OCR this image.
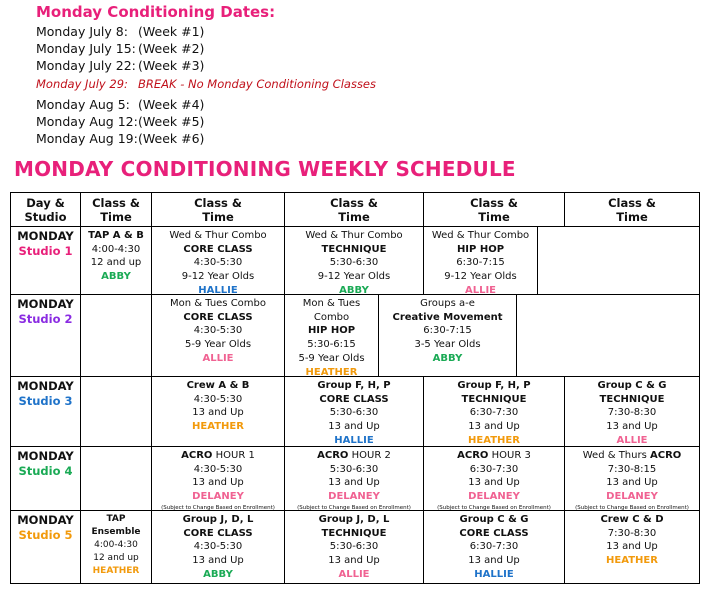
Monday Conditioning Dates:
Monday July 8: (Week #1)
Monday July 15: (Week #2)
Monday July 22: (Week #3)
Monday July 29: BREAK - No Monday Conditioning Classes
Monday Aug 5: (Week #4)
Monday Aug 12:(Week #5)
Monday Aug 19:(Week #6)
MONDAY CONDITIONING WEEKLY SCHEDULE
Day &
Studio
Class &
Time
Class &
Time
Class &
Time
Class &
Time
Class &
Time
MONDAY
Studio 1
TAP A & B
4:00-4:30
12 and up
ABBY
Wed & Thur Combo
CORE CLASS
4:30-5:30
9-12 Year Olds
HALLIE
Wed & Thur Combo
TECHNIQUE
5:30-6:30
9-12 Year Olds
ABBY
Wed & Thur Combo
HIP HOP
6:30-7:15
9-12 Year Olds
ALLIE
MONDAY
Studio 2
Mon & Tues Combo
CORE CLASS
4:30-5:30
5-9 Year Olds
ALLIE
Mon & Tues
Combo
HIP HOP
5:30-6:15
5-9 Year Olds
HEATHER
Groups a-e
Creative Movement
6:30-7:15
3-5 Year Olds
ABBY
MONDAY
Studio 3
Crew A & B
4:30-5:30
13 and Up
HEATHER
Group F, H, P
CORE CLASS
5:30-6:30
13 and Up
HALLIE
Group F, H, P
TECHNIQUE
6:30-7:30
13 and Up
HEATHER
Group C & G
TECHNIQUE
7:30-8:30
13 and Up
ALLIE
MONDAY
Studio 4
ACRO HOUR 1
4:30-5:30
13 and Up
DELANEY
(Subject to Change Based on Enrollment)
ACRO HOUR 2
5:30-6:30
13 and Up
DELANEY
(Subject to Change Based on Enrollment)
ACRO HOUR 3
6:30-7:30
13 and Up
DELANEY
(Subject to Change Based on Enrollment)
Wed & Thurs ACRO
7:30-8:15
13 and Up
DELANEY
(Subject to Change Based on Enrollment)
MONDAY
Studio 5
TAP
Ensemble
4:00-4:30
12 and up
HEATHER
Group J, D, L
CORE CLASS
4:30-5:30
13 and Up
ABBY
Group J, D, L
TECHNIQUE
5:30-6:30
13 and Up
ALLIE
Group C & G
CORE CLASS
6:30-7:30
13 and Up
HALLIE
Crew C & D
7:30-8:30
13 and Up
HEATHER
